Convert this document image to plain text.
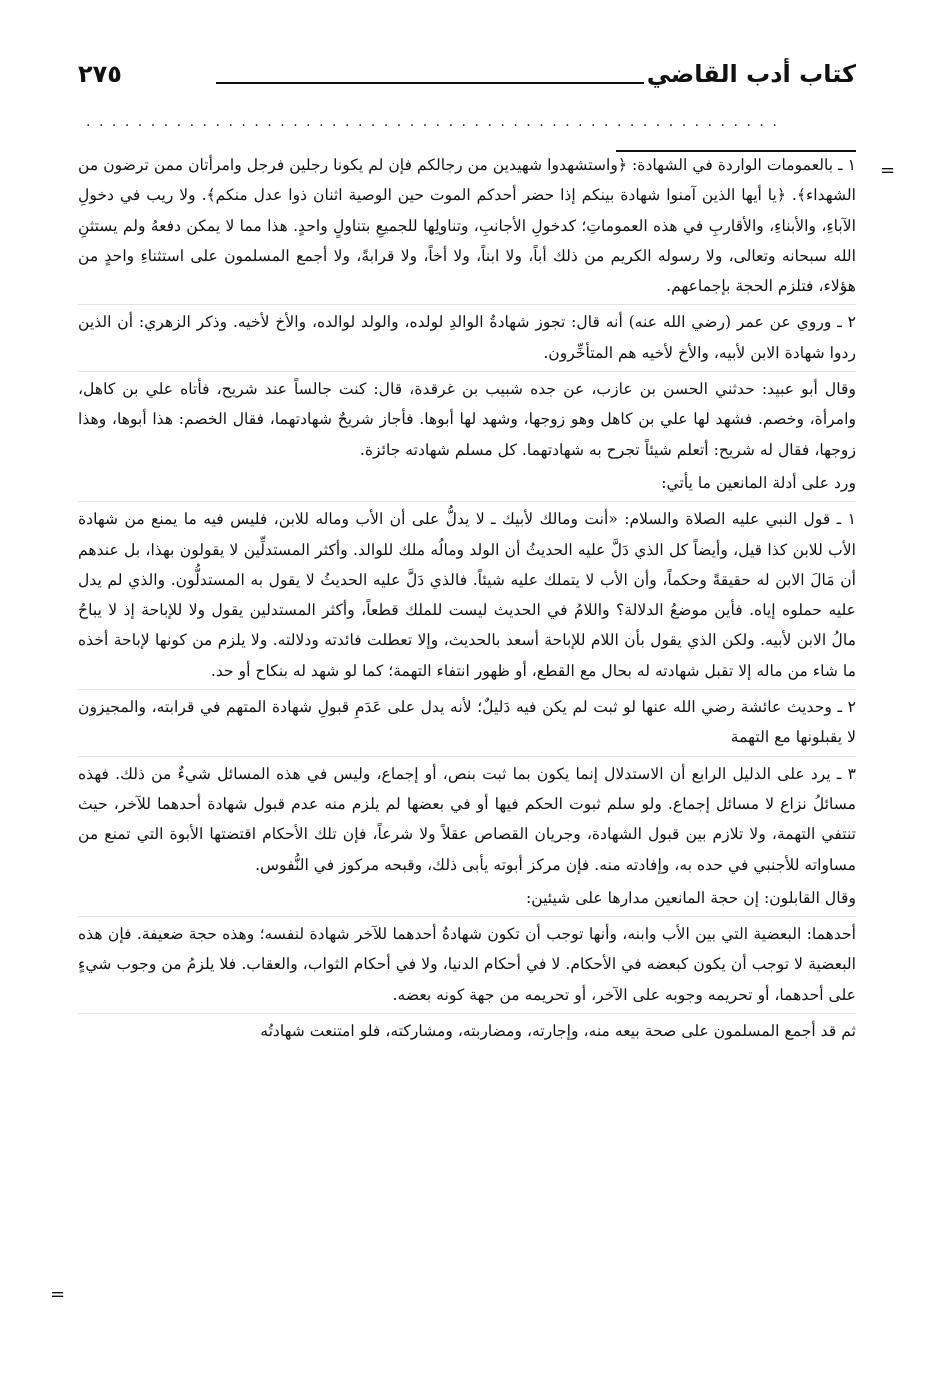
كتاب أدب القاضي
٢٧٥
......................................................

١ ـ بالعمومات الواردة في الشهادة: ﴿واستشهدوا شهيدين من رجالكم فإن لم يكونا رجلين فرجل وامرأتان ممن ترضون من الشهداء﴾. ﴿يا أيها الذين آمنوا شهادة بينكم إذا حضر أحدكم الموت حين الوصية اثنان ذوا عدل منكم﴾. ولا ريب في دخولِ الآباءِ، والأبناءِ، والأقاربِ في هذه العموماتِ؛ كدخولِ الأجانبِ، وتناولِها للجميعِ بتناولٍ واحدٍ. هذا مما لا يمكن دفعهُ ولم يستثنِ الله سبحانه وتعالى، ولا رسوله الكريم من ذلك أباً، ولا ابناً، ولا أخاً، ولا قرابةً، ولا أجمع المسلمون على استثناءِ واحدٍ من هؤلاء، فتلزم الحجة بإجماعهم.

٢ ـ وروي عن عمر (رضي الله عنه) أنه قال: تجوز شهادةُ الوالدِ لولده، والولد لوالده، والأخ لأخيه. وذكر الزهري: أن الذين ردوا شهادة الابن لأبيه، والأخ لأخيه هم المتأخِّرون.

وقال أبو عبيد: حدثني الحسن بن عازب، عن جده شبيب بن غرقدة، قال: كنت جالساً عند شريح، فأتاه علي بن كاهل، وامرأة، وخصم. فشهد لها علي بن كاهل وهو زوجها، وشهد لها أبوها. فأجاز شريحٌ شهادتهما، فقال الخصم: هذا أبوها، وهذا زوجها، فقال له شريح: أتعلم شيئاً تجرح به شهادتهما. كل مسلم شهادته جائزة.

ورد على أدلة المانعين ما يأتي:

١ ـ قول النبي عليه الصلاة والسلام: «أنت ومالك لأبيك ـ لا يدلُّ على أن الأب وماله للابن، فليس فيه ما يمنع من شهادة الأب للابن كذا قيل، وأيضاً كل الذي دَلَّ عليه الحديثُ أن الولد ومالُه ملك للوالد. وأكثر المستدلِّين لا يقولون بهذا، بل عندهم أن مَالَ الابن له حقيقةً وحكماً، وأن الأب لا يتملك عليه شيئاً. فالذي دَلَّ عليه الحديثُ لا يقول به المستدلُّون. والذي لم يدل عليه حملوه إياه. فأين موضعُ الدلالة؟ واللامُ في الحديث ليست للملك قطعاً، وأكثر المستدلين يقول ولا للإباحة إذ لا يباحُ مالُ الابن لأبيه. ولكن الذي يقول بأن اللام للإباحة أسعد بالحديث، وإلا تعطلت فائدته ودلالته. ولا يلزم من كونها لإباحة أخذه ما شاء من ماله إلا تقبل شهادته له بحال مع القطع، أو ظهور انتفاء التهمة؛ كما لو شهد له بنكاح أو حد.

٢ ـ وحديث عائشة رضي الله عنها لو ثبت لم يكن فيه دَليلٌ؛ لأنه يدل على عَدَمِ قبولِ شهادة المتهم في قرابته، والمجيزون لا يقبلونها مع التهمة

٣ ـ يرد على الدليل الرابع أن الاستدلال إنما يكون بما ثبت بنص، أو إجماع، وليس في هذه المسائل شيءٌ من ذلك. فهذه مسائلُ نزاع لا مسائل إجماع. ولو سلم ثبوت الحكم فيها أو في بعضها لم يلزم منه عدم قبول شهادة أحدهما للآخر، حيث تنتفي التهمة، ولا تلازم بين قبول الشهادة، وجريان القصاص عقلاً ولا شرعاً، فإن تلك الأحكام اقتضتها الأبوة التي تمنع من مساواته للأجنبي في حده به، وإفادته منه. فإن مركز أبوته يأبى ذلك، وقبحه مركوز في النُّفوس.

وقال القابلون: إن حجة المانعين مدارها على شيئين:

أحدهما: البعضية التي بين الأب وابنه، وأنها توجب أن تكون شهادةُ أحدهما للآخر شهادة لنفسه؛ وهذه حجة ضعيفة. فإن هذه البعضية لا توجب أن يكون كبعضه في الأحكام. لا في أحكام الدنيا، ولا في أحكام الثواب، والعقاب. فلا يلزمُ من وجوب شيءٍ على أحدهما، أو تحريمه وجوبه على الآخر، أو تحريمه من جهة كونه بعضه.

ثم قد أجمع المسلمون على صحة بيعه منه، وإجارته، ومضاربته، ومشاركته، فلو امتنعت شهادتُه

=
=
